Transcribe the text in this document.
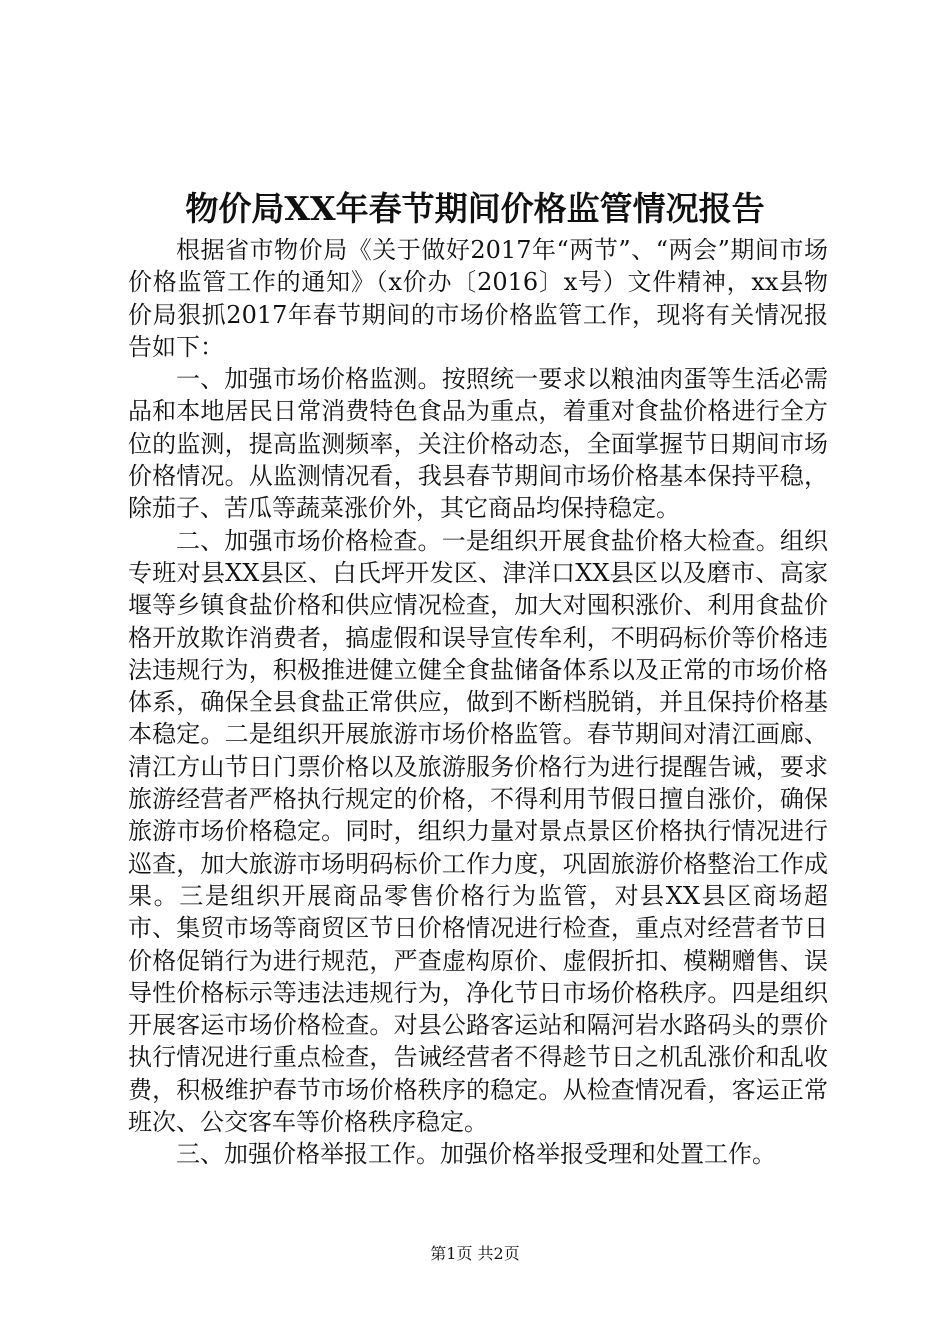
物价局XX年春节期间价格监管情况报告

根据省市物价局《关于做好2017年“两节”、“两会”期间市场价格监管工作的通知》（x价办〔2016〕x号）文件精神，xx县物价局狠抓2017年春节期间的市场价格监管工作，现将有关情况报告如下：

一、加强市场价格监测。按照统一要求以粮油肉蛋等生活必需品和本地居民日常消费特色食品为重点，着重对食盐价格进行全方位的监测，提高监测频率，关注价格动态，全面掌握节日期间市场价格情况。从监测情况看，我县春节期间市场价格基本保持平稳，除茄子、苦瓜等蔬菜涨价外，其它商品均保持稳定。

二、加强市场价格检查。一是组织开展食盐价格大检查。组织专班对县XX县区、白氏坪开发区、津洋口XX县区以及磨市、高家堰等乡镇食盐价格和供应情况检查，加大对囤积涨价、利用食盐价格开放欺诈消费者，搞虚假和误导宣传牟利，不明码标价等价格违法违规行为，积极推进健立健全食盐储备体系以及正常的市场价格体系，确保全县食盐正常供应，做到不断档脱销，并且保持价格基本稳定。二是组织开展旅游市场价格监管。春节期间对清江画廊、清江方山节日门票价格以及旅游服务价格行为进行提醒告诫，要求旅游经营者严格执行规定的价格，不得利用节假日擅自涨价，确保旅游市场价格稳定。同时，组织力量对景点景区价格执行情况进行巡查，加大旅游市场明码标价工作力度，巩固旅游价格整治工作成果。三是组织开展商品零售价格行为监管，对县XX县区商场超市、集贸市场等商贸区节日价格情况进行检查，重点对经营者节日价格促销行为进行规范，严查虚构原价、虚假折扣、模糊赠售、误导性价格标示等违法违规行为，净化节日市场价格秩序。四是组织开展客运市场价格检查。对县公路客运站和隔河岩水路码头的票价执行情况进行重点检查，告诫经营者不得趁节日之机乱涨价和乱收费，积极维护春节市场价格秩序的稳定。从检查情况看，客运正常班次、公交客车等价格秩序稳定。

三、加强价格举报工作。加强价格举报受理和处置工作。

第1页 共2页
